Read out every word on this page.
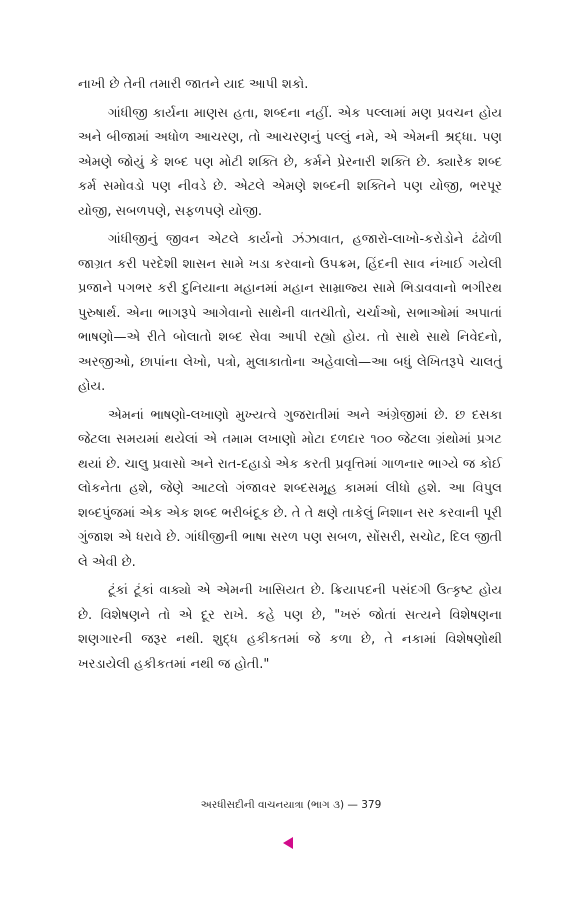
નાખી છે તેની તમારી જાતને યાદ આપી શકો.

ગાંધીજી કાર્યના માણસ હતા, શબ્દના નહીં. એક પલ્લામાં મણ પ્રવચન હોય અને બીજામાં અધોળ આચરણ, તો આચરણનું પલ્લું નમે, એ એમની શ્રદ્ધા. પણ એમણે જોયું કે શબ્દ પણ મોટી શક્તિ છે, કર્મને પ્રેરનારી શક્તિ છે. ક્યારેક શબ્દ કર્મ સમોવડો પણ નીવડે છે. એટલે એમણે શબ્દની શક્તિને પણ યોજી, ભરપૂર યોજી, સબળપણે, સફળપણે યોજી.

ગાંધીજીનું જીવન એટલે કાર્યનો ઝંઝાવાત, હજારો-લાખો-કરોડોને ઢંઢોળી જાગ્રત કરી પરદેશી શાસન સામે ખડા કરવાનો ઉપક્રમ, હિંદની સાવ નંખાઈ ગયેલી પ્રજાને પગભર કરી દુનિયાના મહાનમાં મહાન સામ્રાજ્ય સામે ભિડાવવાનો ભગીરથ પુરુષાર્થ. એના ભાગરૂપે આગેવાનો સાથેની વાતચીતો, ચર્ચાઓ, સભાઓમાં અપાતાં ભાષણો—એ રીતે બોલાતો શબ્દ સેવા આપી રહ્યો હોય. તો સાથે સાથે નિવેદનો, અરજીઓ, છાપાંના લેખો, પત્રો, મુલાકાતોના અહેવાલો—આ બધું લેખિતરૂપે ચાલતું હોય.

એમનાં ભાષણો-લખાણો મુખ્યત્વે ગુજરાતીમાં અને અંગ્રેજીમાં છે. છ દસકા જેટલા સમયમાં થયેલાં એ તમામ લખાણો મોટા દળદાર ૧૦૦ જેટલા ગ્રંથોમાં પ્રગટ થયાં છે. ચાલુ પ્રવાસો અને રાત-દહાડો એક કરતી પ્રવૃત્તિમાં ગાળનાર ભાગ્યે જ કોઈ લોકનેતા હશે, જેણે આટલો ગંજાવર શબ્દસમૂહ કામમાં લીધો હશે. આ વિપુલ શબ્દપુંજમાં એક એક શબ્દ ભરીબંદૂક છે. તે તે ક્ષણે તાકેલું નિશાન સર કરવાની પૂરી ગુંજાશ એ ધરાવે છે. ગાંધીજીની ભાષા સરળ પણ સબળ, સોંસરી, સચોટ, દિલ જીતી લે એવી છે.

ટૂંકાં ટૂંકાં વાક્યો એ એમની ખાસિયત છે. ક્રિયાપદની પસંદગી ઉત્કૃષ્ટ હોય છે. વિશેષણને તો એ દૂર રાખે. કહે પણ છે, "ખરું જોતાં સત્યને વિશેષણના શણગારની જરૂર નથી. શુદ્ધ હકીકતમાં જે કળા છે, તે નકામાં વિશેષણોથી ખરડાયેલી હકીકતમાં નથી જ હોતી."

અરધીસદીની વાચનયાત્રા (ભાગ ૩) — 379
